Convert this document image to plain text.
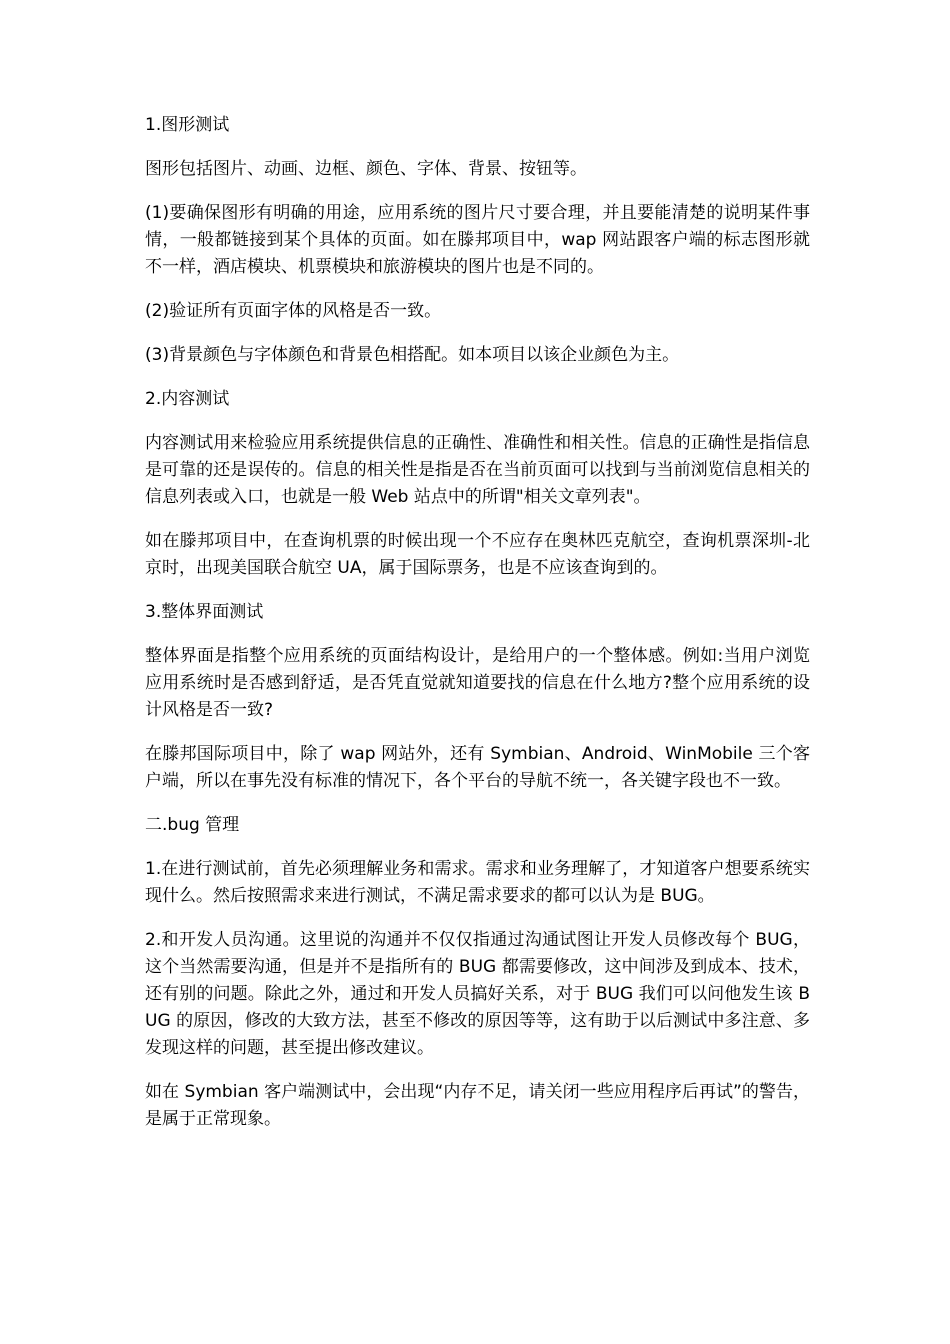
1.图形测试

图形包括图片、动画、边框、颜色、字体、背景、按钮等。

(1)要确保图形有明确的用途，应用系统的图片尺寸要合理，并且要能清楚的说明某件事情，一般都链接到某个具体的页面。如在滕邦项目中，wap 网站跟客户端的标志图形就不一样，酒店模块、机票模块和旅游模块的图片也是不同的。

(2)验证所有页面字体的风格是否一致。

(3)背景颜色与字体颜色和背景色相搭配。如本项目以该企业颜色为主。

2.内容测试

内容测试用来检验应用系统提供信息的正确性、准确性和相关性。信息的正确性是指信息是可靠的还是误传的。信息的相关性是指是否在当前页面可以找到与当前浏览信息相关的信息列表或入口，也就是一般 Web 站点中的所谓"相关文章列表"。

如在滕邦项目中，在查询机票的时候出现一个不应存在奥林匹克航空，查询机票深圳-北京时，出现美国联合航空 UA，属于国际票务，也是不应该查询到的。

3.整体界面测试

整体界面是指整个应用系统的页面结构设计，是给用户的一个整体感。例如:当用户浏览应用系统时是否感到舒适，是否凭直觉就知道要找的信息在什么地方?整个应用系统的设计风格是否一致?

在滕邦国际项目中，除了 wap 网站外，还有 Symbian、Android、WinMobile 三个客户端，所以在事先没有标准的情况下，各个平台的导航不统一，各关键字段也不一致。

二.bug 管理

1.在进行测试前，首先必须理解业务和需求。需求和业务理解了，才知道客户想要系统实现什么。然后按照需求来进行测试，不满足需求要求的都可以认为是 BUG。

2.和开发人员沟通。这里说的沟通并不仅仅指通过沟通试图让开发人员修改每个 BUG，这个当然需要沟通，但是并不是指所有的 BUG 都需要修改，这中间涉及到成本、技术，还有别的问题。除此之外，通过和开发人员搞好关系，对于 BUG 我们可以问他发生该 BUG 的原因，修改的大致方法，甚至不修改的原因等等，这有助于以后测试中多注意、多发现这样的问题，甚至提出修改建议。

如在 Symbian 客户端测试中，会出现“内存不足，请关闭一些应用程序后再试”的警告，是属于正常现象。
